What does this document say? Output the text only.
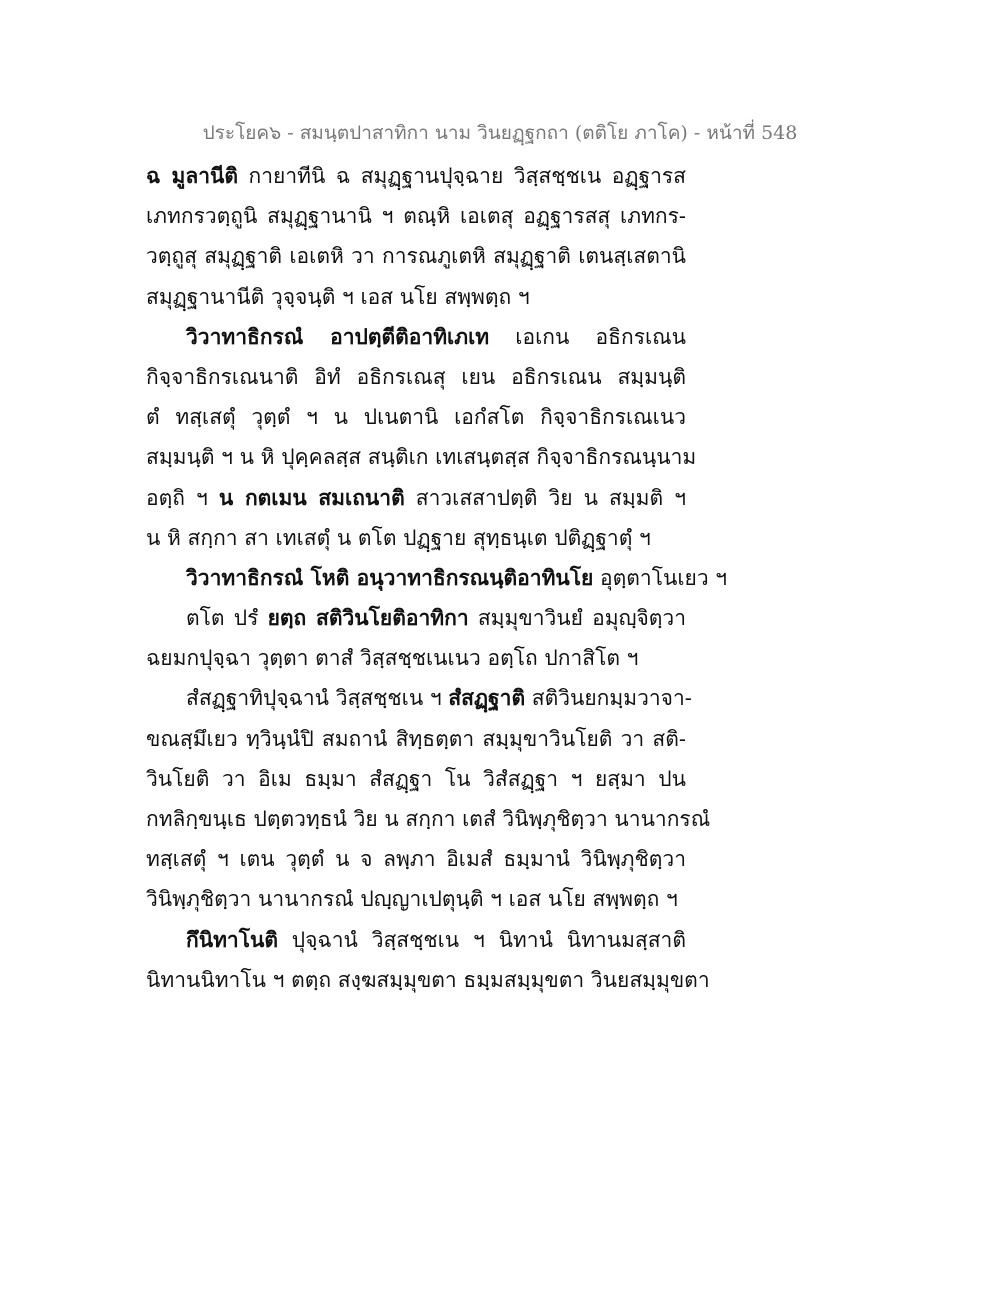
ประโยค๖ - สมนฺตปาสาทิกา นาม วินยฏฺฐกถา (ตติโย ภาโค) - หน้าที่ 548
ฉ มูลานีติ กายาทีนิ ฉ สมุฏฺฐานปุจฺฉาย วิสฺสชฺชเน อฏฺฐารส
เภทกรวตฺถูนิ สมุฏฺฐานานิ ฯ ตณฺหิ เอเตสุ อฏฺฐารสสุ เภทกร-
วตฺถูสุ สมุฏฺฐาติ เอเตหิ วา การณภูเตหิ สมุฏฺฐาติ เตนสฺเสตานิ
สมุฏฺฐานานีติ วุจฺจนฺติ ฯ เอส นโย สพฺพตฺถ ฯ
วิวาทาธิกรณํ อาปตฺตีติอาทิเภเท เอเกน อธิกรเณน
กิจฺจาธิกรเณนาติ อิทํ อธิกรเณสุ เยน อธิกรเณน สมฺมนฺติ
ตํ ทสฺเสตุํ วุตฺตํ ฯ น ปเนตานิ เอกํสโต กิจฺจาธิกรเณเนว
สมฺมนฺติ ฯ น หิ ปุคฺคลสฺส สนฺติเก เทเสนฺตสฺส กิจฺจาธิกรณนฺนาม
อตฺถิ ฯ น กตเมน สมเถนาติ สาวเสสาปตฺติ วิย น สมฺมติ ฯ
น หิ สกฺกา สา เทเสตุํ น ตโต ปฏฺฐาย สุทฺธนฺเต ปติฏฺฐาตุํ ฯ
วิวาทาธิกรณํ โหติ อนุวาทาธิกรณนฺติอาทินโย อุตฺตาโนเยว ฯ
ตโต ปรํ ยตฺถ สติวินโยติอาทิกา สมฺมุขาวินยํ อมุญฺจิตฺวา
ฉยมกปุจฺฉา วุตฺตา ตาสํ วิสฺสชฺชเนเนว อตฺโถ ปกาสิโต ฯ
สํสฏฺฐาทิปุจฺฉานํ วิสฺสชฺชเน ฯ สํสฏฺฐาติ สติวินยกมฺมวาจา-
ขณสฺมึเยว ทฺวินฺนํปิ สมถานํ สิทฺธตฺตา สมฺมุขาวินโยติ วา สติ-
วินโยติ วา อิเม ธมฺมา สํสฏฺฐา โน วิสํสฏฺฐา ฯ ยสฺมา ปน
กทลิกฺขนฺเธ ปตฺตวทฺธนํ วิย น สกฺกา เตสํ วินิพฺภุชิตฺวา นานากรณํ
ทสฺเสตุํ ฯ เตน วุตฺตํ น จ ลพฺภา อิเมสํ ธมฺมานํ วินิพฺภุชิตฺวา
วินิพฺภุชิตฺวา นานากรณํ ปญฺญาเปตุนฺติ ฯ เอส นโย สพฺพตฺถ ฯ
กึนิทาโนติ ปุจฺฉานํ วิสฺสชฺชเน ฯ นิทานํ นิทานมสฺสาติ
นิทานนิทาโน ฯ ตตฺถ สงฺฆสมฺมุขตา ธมฺมสมฺมุขตา วินยสมฺมุขตา
